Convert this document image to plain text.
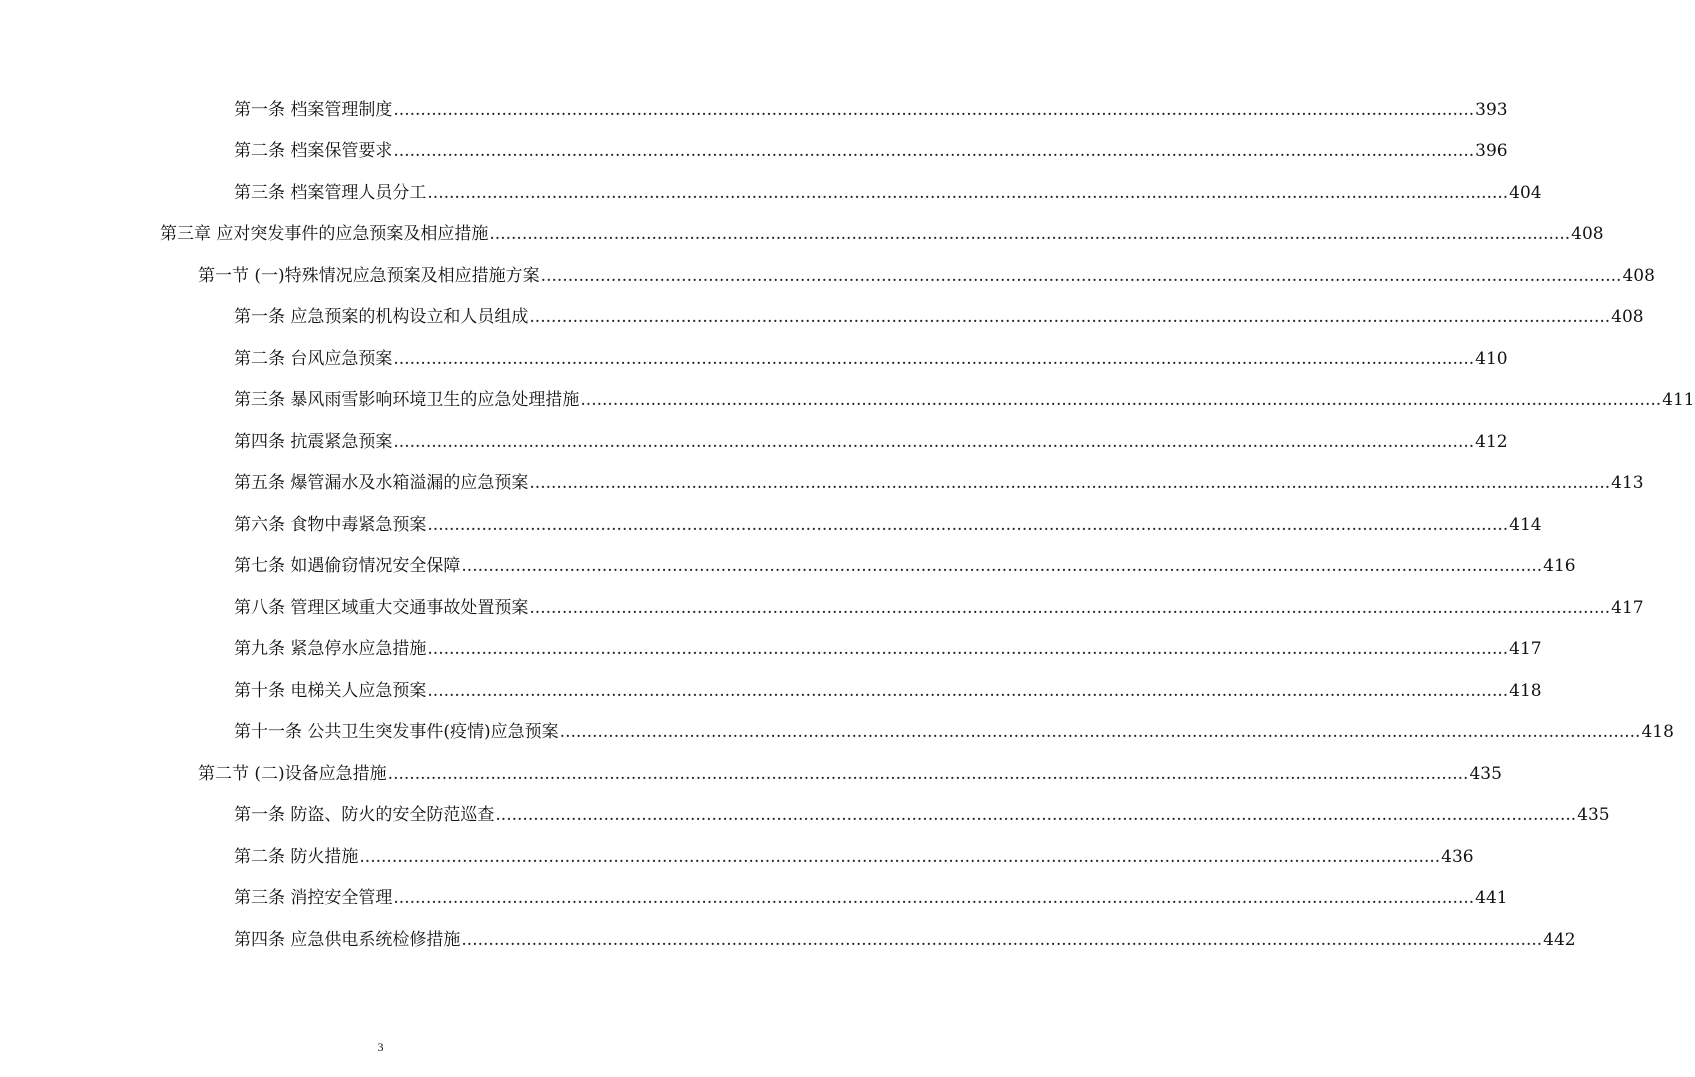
第一条 档案管理制度 ........................................................................................................................................................................................................ 393
第二条 档案保管要求 ........................................................................................................................................................................................................ 396
第三条 档案管理人员分工 ........................................................................................................................................................................................................ 404
第三章 应对突发事件的应急预案及相应措施 ........................................................................................................................................................................................................ 408
第一节 (一)特殊情况应急预案及相应措施方案 ........................................................................................................................................................................................................ 408
第一条 应急预案的机构设立和人员组成 ........................................................................................................................................................................................................ 408
第二条 台风应急预案 ........................................................................................................................................................................................................ 410
第三条 暴风雨雪影响环境卫生的应急处理措施 ........................................................................................................................................................................................................ 411
第四条 抗震紧急预案 ........................................................................................................................................................................................................ 412
第五条 爆管漏水及水箱溢漏的应急预案 ........................................................................................................................................................................................................ 413
第六条 食物中毒紧急预案 ........................................................................................................................................................................................................ 414
第七条 如遇偷窃情况安全保障 ........................................................................................................................................................................................................ 416
第八条 管理区域重大交通事故处置预案 ........................................................................................................................................................................................................ 417
第九条 紧急停水应急措施 ........................................................................................................................................................................................................ 417
第十条 电梯关人应急预案 ........................................................................................................................................................................................................ 418
第十一条 公共卫生突发事件(疫情)应急预案 ........................................................................................................................................................................................................ 418
第二节 (二)设备应急措施 ........................................................................................................................................................................................................ 435
第一条 防盗、防火的安全防范巡查 ........................................................................................................................................................................................................ 435
第二条 防火措施 ........................................................................................................................................................................................................ 436
第三条 消控安全管理 ........................................................................................................................................................................................................ 441
第四条 应急供电系统检修措施 ........................................................................................................................................................................................................ 442
3
